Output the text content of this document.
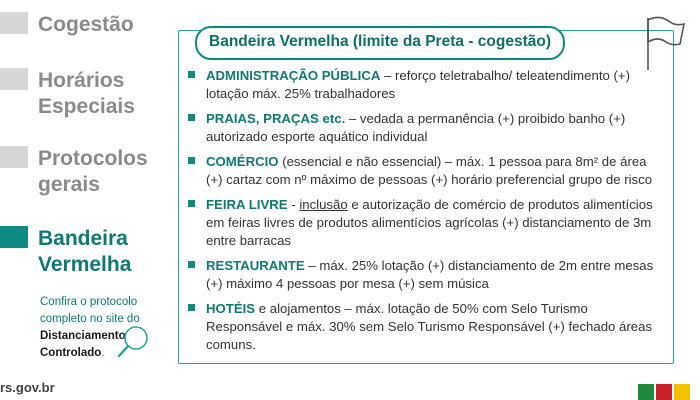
Cogestão
Horários
Especiais
Protocolos
gerais
Bandeira
Vermelha
Confira o protocolo
completo no site do
Distanciamento
Controlado.
rs.gov.br
Bandeira Vermelha (limite da Preta - cogestão)
ADMINISTRAÇÃO PÚBLICA – reforço teletrabalho/ teleatendimento (+) lotação máx. 25% trabalhadores
PRAIAS, PRAÇAS etc. – vedada a permanência (+) proibido banho (+) autorizado esporte aquático individual
COMÉRCIO (essencial e não essencial) – máx. 1 pessoa para 8m² de área (+) cartaz com nº máximo de pessoas (+) horário preferencial grupo de risco
FEIRA LIVRE - inclusão e autorização de comércio de produtos alimentícios em feiras livres de produtos alimentícios agrícolas (+) distanciamento de 3m entre barracas
RESTAURANTE – máx. 25% lotação (+) distanciamento de 2m entre mesas (+) máximo 4 pessoas por mesa (+) sem música
HOTÉIS e alojamentos – máx. lotação de 50% com Selo Turismo Responsável e máx. 30% sem Selo Turismo Responsável (+) fechado áreas comuns.
